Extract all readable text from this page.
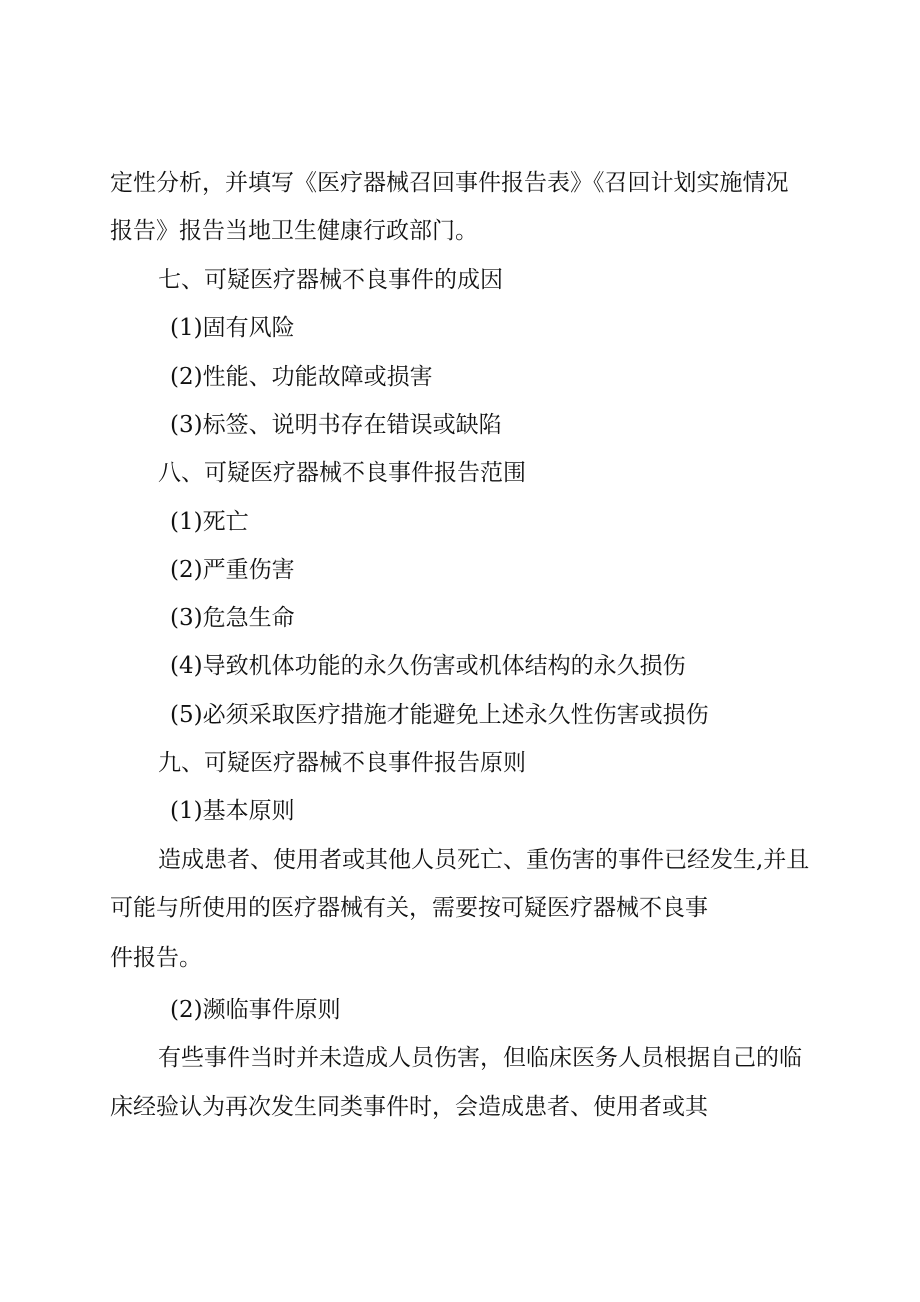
定性分析，并填写《医疗器械召回事件报告表》《召回计划实施情况
报告》报告当地卫生健康行政部门。
七、可疑医疗器械不良事件的成因
(1)固有风险
(2)性能、功能故障或损害
(3)标签、说明书存在错误或缺陷
八、可疑医疗器械不良事件报告范围
(1)死亡
(2)严重伤害
(3)危急生命
(4)导致机体功能的永久伤害或机体结构的永久损伤
(5)必须采取医疗措施才能避免上述永久性伤害或损伤
九、可疑医疗器械不良事件报告原则
(1)基本原则
造成患者、使用者或其他人员死亡、重伤害的事件已经发生,并且
可能与所使用的医疗器械有关，需要按可疑医疗器械不良事
件报告。
(2)濒临事件原则
有些事件当时并未造成人员伤害，但临床医务人员根据自己的临
床经验认为再次发生同类事件时，会造成患者、使用者或其
